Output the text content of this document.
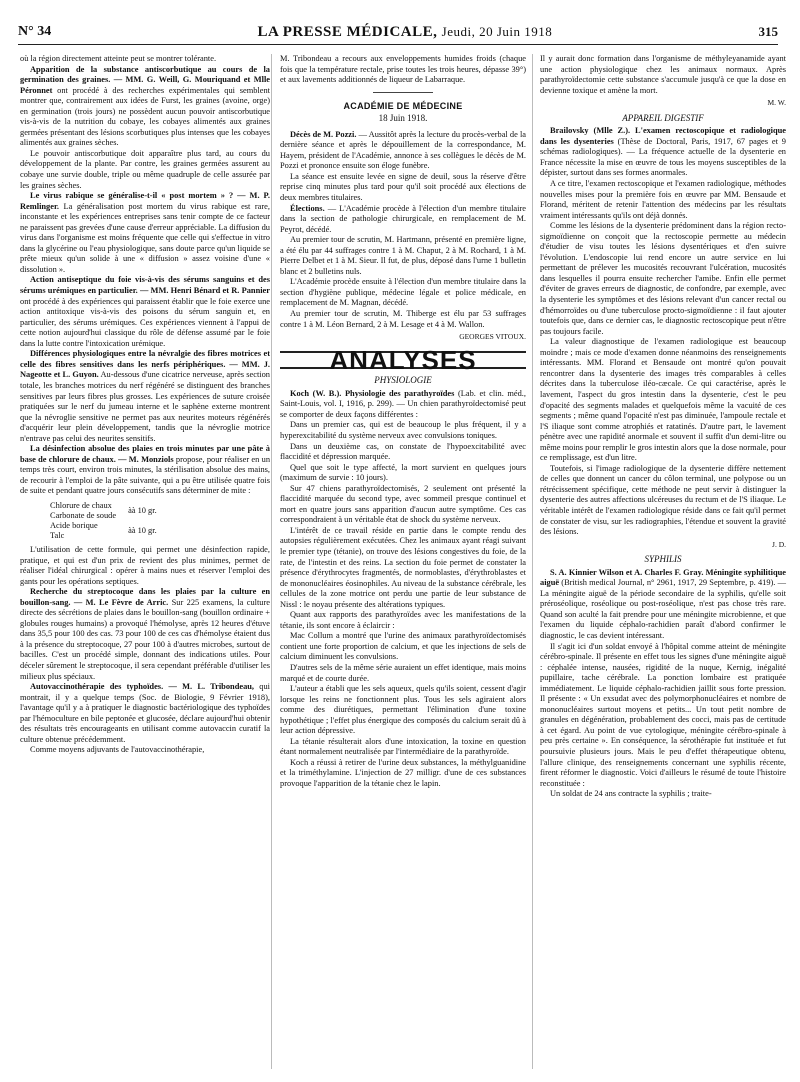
N° 34	LA PRESSE MÉDICALE, Jeudi, 20 Juin 1918	315

où la région directement atteinte peut se montrer tolérante.

Apparition de la substance antiscorbutique au cours de la germination des graines. — MM. G. Weill, G. Mouriquand et Mlle Péronnet ont procédé à des recherches expérimentales qui semblent montrer que, contrairement aux idées de Furst, les graines (avoine, orge) en germination (trois jours) ne possèdent aucun pouvoir antiscorbutique vis-à-vis de la nutrition du cobaye, les cobayes alimentés aux graines germées présentant des lésions scorbutiques plus intenses que les cobayes alimentés aux graines sèches.

Le pouvoir antiscorbutique doit apparaître plus tard, au cours du développement de la plante. Par contre, les graines germées assurent au cobaye une survie double, triple ou même quadruple de celle assurée par les graines sèches.

Le virus rabique se généralise-t-il « post mortem » ? — M. P. Remlinger. La généralisation post mortem du virus rabique est rare, inconstante et les expériences entreprises sans tenir compte de ce facteur ne paraissent pas grevées d'une cause d'erreur appréciable. La diffusion du virus dans l'organisme est moins fréquente que celle qui s'effectue in vitro dans la glycérine ou l'eau physiologique, sans doute parce qu'un liquide se prête mieux qu'un solide à une « diffusion » assez voisine d'une « dissolution ».

Action antiseptique du foie vis-à-vis des sérums sanguins et des sérums urémiques en particulier. — MM. Henri Bénard et R. Pannier ont procédé à des expériences qui paraissent établir que le foie exerce une action antitoxique vis-à-vis des poisons du sérum sanguin et, en particulier, des sérums urémiques. Ces expériences viennent à l'appui de cette notion aujourd'hui classique du rôle de défense assumé par le foie dans la lutte contre l'intoxication urémique.

Différences physiologiques entre la névralgie des fibres motrices et celle des fibres sensitives dans les nerfs périphériques. — MM. J. Nageotte et L. Guyon. Au-dessous d'une cicatrice nerveuse, après section totale, les branches motrices du nerf régénéré se distinguent des branches sensitives par leurs fibres plus grosses. Les expériences de suture croisée pratiquées sur le nerf du jumeau interne et le saphène externe montrent que la névroglie sensitive ne permet pas aux neurites moteurs régénérés d'acquérir leur plein développement, tandis que la névroglie motrice n'entrave pas celui des neurites sensitifs.

La désinfection absolue des plaies en trois minutes par une pâte à base de chlorure de chaux. — M. Monziols propose, pour réaliser en un temps très court, environ trois minutes, la stérilisation absolue des mains, de recourir à l'emploi de la pâte suivante, qui a pu être utilisée quatre fois de suite et pendant quatre jours consécutifs sans déterminer de mite :

Chlorure de chaux
Carbonate de soude
Acide borique
Talc
àà 10 gr.
àà 10 gr.

L'utilisation de cette formule, qui permet une désinfection rapide, pratique, et qui est d'un prix de revient des plus minimes, permet de réaliser l'idéal chirurgical : opérer à mains nues et réserver l'emploi des gants pour les opérations septiques.

Recherche du streptocoque dans les plaies par la culture en bouillon-sang. — M. Le Fèvre de Arric. Sur 225 examens, la culture directe des sécrétions de plaies dans le bouillon-sang (bouillon ordinaire + globules rouges humains) a provoqué l'hémolyse, après 12 heures d'étuve dans 35,5 pour 100 des cas. 73 pour 100 de ces cas d'hémolyse étaient dus à la présence du streptocoque, 27 pour 100 à d'autres microbes, surtout de bacilles. C'est un procédé simple, donnant des indications utiles. Pour déceler sûrement le streptocoque, il sera cependant préférable d'utiliser les milieux plus spéciaux.

Autovaccinothérapie des typhoïdes. — M. L. Tribondeau, qui montrait, il y a quelque temps (Soc. de Biologie, 9 Février 1918), l'avantage qu'il y a à pratiquer le diagnostic bactériologique des typhoïdes par l'hémoculture en bile peptonée et glucosée, déclare aujourd'hui obtenir des résultats très encourageants en utilisant comme autovaccin curatif la culture obtenue précédemment.

Comme moyens adjuvants de l'autovaccinothérapie,

M. Tribondeau a recours aux enveloppements humides froids (chaque fois que la température rectale, prise toutes les trois heures, dépasse 39°) et aux lavements additionnés de liqueur de Labarraque.

ACADÉMIE DE MÉDECINE
18 Juin 1918.

Décès de M. Pozzi. — Aussitôt après la lecture du procès-verbal de la dernière séance et après le dépouillement de la correspondance, M. Hayem, président de l'Académie, annonce à ses collègues le décès de M. Pozzi et prononce ensuite son éloge funèbre.

La séance est ensuite levée en signe de deuil, sous la réserve d'être reprise cinq minutes plus tard pour qu'il soit procédé aux élections de deux membres titulaires.

Élections. — L'Académie procède à l'élection d'un membre titulaire dans la section de pathologie chirurgicale, en remplacement de M. Peyrot, décédé.

Au premier tour de scrutin, M. Hartmann, présenté en première ligne, a été élu par 44 suffrages contre 1 à M. Chaput, 2 à M. Rochard, 1 à M. Pierre Delbet et 1 à M. Sieur. Il fut, de plus, déposé dans l'urne 1 bulletin blanc et 2 bulletins nuls.

L'Académie procède ensuite à l'élection d'un membre titulaire dans la section d'hygiène publique, médecine légale et police médicale, en remplacement de M. Magnan, décédé.

Au premier tour de scrutin, M. Thiberge est élu par 53 suffrages contre 1 à M. Léon Bernard, 2 à M. Lesage et 4 à M. Wallon.

GEORGES VITOUX.
ANALYSES
PHYSIOLOGIE

Koch (W. B.). Physiologie des parathyroïdes (Lab. et clin. méd., Saint-Louis, vol. I, 1916, p. 299). — Un chien parathyroïdectomisé peut se comporter de deux façons différentes :

Dans un premier cas, qui est de beaucoup le plus fréquent, il y a hyperexcitabilité du système nerveux avec convulsions toniques.

Dans un deuxième cas, on constate de l'hypoexcitabilité avec flaccidité et dépression marquée.

Quel que soit le type affecté, la mort survient en quelques jours (maximum de survie : 10 jours).

Sur 47 chiens parathyroïdectomisés, 2 seulement ont présenté la flaccidité marquée du second type, avec sommeil presque continuel et mort en quatre jours sans apparition d'aucun autre symptôme. Ces cas correspondraient à un véritable état de shock du système nerveux.

L'intérêt de ce travail réside en partie dans le compte rendu des autopsies régulièrement exécutées. Chez les animaux ayant réagi suivant le premier type (tétanie), on trouve des lésions congestives du foie, de la rate, de l'intestin et des reins. La section du foie permet de constater la présence d'érythrocytes fragmentés, de normoblastes, d'érythroblastes et de mononucléaires éosinophiles. Au niveau de la substance cérébrale, les cellules de la zone motrice ont perdu une partie de leur substance de Nissl : le noyau présente des altérations typiques.

Quant aux rapports des parathyroïdes avec les manifestations de la tétanie, ils sont encore à éclaircir :

Mac Collum a montré que l'urine des animaux parathyroïdectomisés contient une forte proportion de calcium, et que les injections de sels de calcium diminuent les convulsions.

D'autres sels de la même série auraient un effet identique, mais moins marqué et de courte durée.

L'auteur a établi que les sels aqueux, quels qu'ils soient, cessent d'agir lorsque les reins ne fonctionnent plus. Tous les sels agiraient alors comme des diurétiques, permettant l'élimination d'une toxine hypothétique ; l'effet plus énergique des composés du calcium serait dû à leur action dépressive.

La tétanie résulterait alors d'une intoxication, la toxine en question étant normalement neutralisée par l'intermédiaire de la parathyroïde.

Koch a réussi à retirer de l'urine deux substances, la méthylguanidine et la triméthylamine. L'injection de 27 milligr. d'une de ces substances provoque l'apparition de la tétanie chez le lapin.

Il y aurait donc formation dans l'organisme de méthyleyanamide ayant une action physiologique chez les animaux normaux. Après parathyroïdectomie cette substance s'accumule jusqu'à ce que la dose en devienne toxique et amène la mort.

M. W.
APPAREIL DIGESTIF

Brailovsky (Mlle Z.). L'examen rectoscopique et radiologique dans les dysenteries (Thèse de Doctoral, Paris, 1917, 67 pages et 9 schémas radiologiques). — La fréquence actuelle de la dysenterie en France nécessite la mise en œuvre de tous les moyens susceptibles de la dépister, surtout dans ses formes anormales.

A ce titre, l'examen rectoscopique et l'examen radiologique, méthodes nouvelles mises pour la première fois en œuvre par MM. Bensaude et Florand, méritent de retenir l'attention des médecins par les résultats vraiment intéressants qu'ils ont déjà donnés.

Comme les lésions de la dysenterie prédominent dans la région recto-sigmoïdienne on conçoit que la rectoscopie permette au médecin d'étudier de visu toutes les lésions dysentériques et d'en suivre l'évolution. L'endoscopie lui rend encore un autre service en lui permettant de prélever les mucosités recouvrant l'ulcération, mucosités dans lesquelles il pourra ensuite rechercher l'amibe. Enfin elle permet d'éviter de graves erreurs de diagnostic, de confondre, par exemple, avec la dysenterie les symptômes et des lésions relevant d'un cancer rectal ou d'hémorroïdes ou d'une tuberculose procto-sigmoïdienne : il faut ajouter toutefois que, dans ce dernier cas, le diagnostic rectoscopique peut n'être pas toujours facile.

La valeur diagnostique de l'examen radiologique est beaucoup moindre ; mais ce mode d'examen donne néanmoins des renseignements intéressants. MM. Florand et Bensaude ont montré qu'on pouvait rencontrer dans la dysenterie des images très comparables à celles décrites dans la tuberculose iléo-cæcale. Ce qui caractérise, après le lavement, l'aspect du gros intestin dans la dysenterie, c'est le peu d'opacité des segments malades et quelquefois même la vacuité de ces segments ; même quand l'opacité n'est pas diminuée, l'ampoule rectale et l'S iliaque sont comme atrophiés et ratatinés. D'autre part, le lavement pénètre avec une rapidité anormale et souvent il suffit d'un demi-litre ou même moins pour remplir le gros intestin alors que la dose normale, pour ce remplissage, est d'un litre.

Toutefois, si l'image radiologique de la dysenterie diffère nettement de celles que donnent un cancer du côlon terminal, une polypose ou un rétrécissement spécifique, cette méthode ne peut servir à distinguer la dysenterie des autres affections ulcéreuses du rectum et de l'S iliaque. Le véritable intérêt de l'examen radiologique réside dans ce fait qu'il permet de constater de visu, sur les radiographies, l'étendue et souvent la gravité des lésions.

J. D.
SYPHILIS

S. A. Kinnier Wilson et A. Charles F. Gray. Méningite syphilitique aiguë (British medical Journal, n° 2961, 1917, 29 Septembre, p. 419). — La méningite aiguë de la période secondaire de la syphilis, qu'elle soit préroséolique, roséolique ou post-roséolique, n'est pas chose très rare. Quand son aculté la fait prendre pour une méningite microbienne, et que l'examen du liquide céphalo-rachidien paraît d'abord confirmer le diagnostic, le cas devient intéressant.

Il s'agit ici d'un soldat envoyé à l'hôpital comme atteint de méningite cérébro-spinale. Il présente en effet tous les signes d'une méningite aiguë : céphalée intense, nausées, rigidité de la nuque, Kernig, inégalité pupillaire, tache cérébrale. La ponction lombaire est pratiquée immédiatement. Le liquide céphalo-rachidien jaillit sous forte pression. Il présente : « Un exsudat avec des polymorphonucléaires et nombre de mononucléaires surtout moyens et petits... Un tout petit nombre de granules en dégénération, probablement des cocci, mais pas de certitude à cet égard. Au point de vue cytologique, méningite cérébro-spinale à peu près certaine ». En conséquence, la sérothérapie fut instituée et fut poursuivie plusieurs jours. Mais le peu d'effet thérapeutique obtenu, l'allure clinique, des renseignements concernant une syphilis récente, firent réformer le diagnostic. Voici d'ailleurs le résumé de toute l'histoire reconstituée :

Un soldat de 24 ans contracte la syphilis ; traite-
